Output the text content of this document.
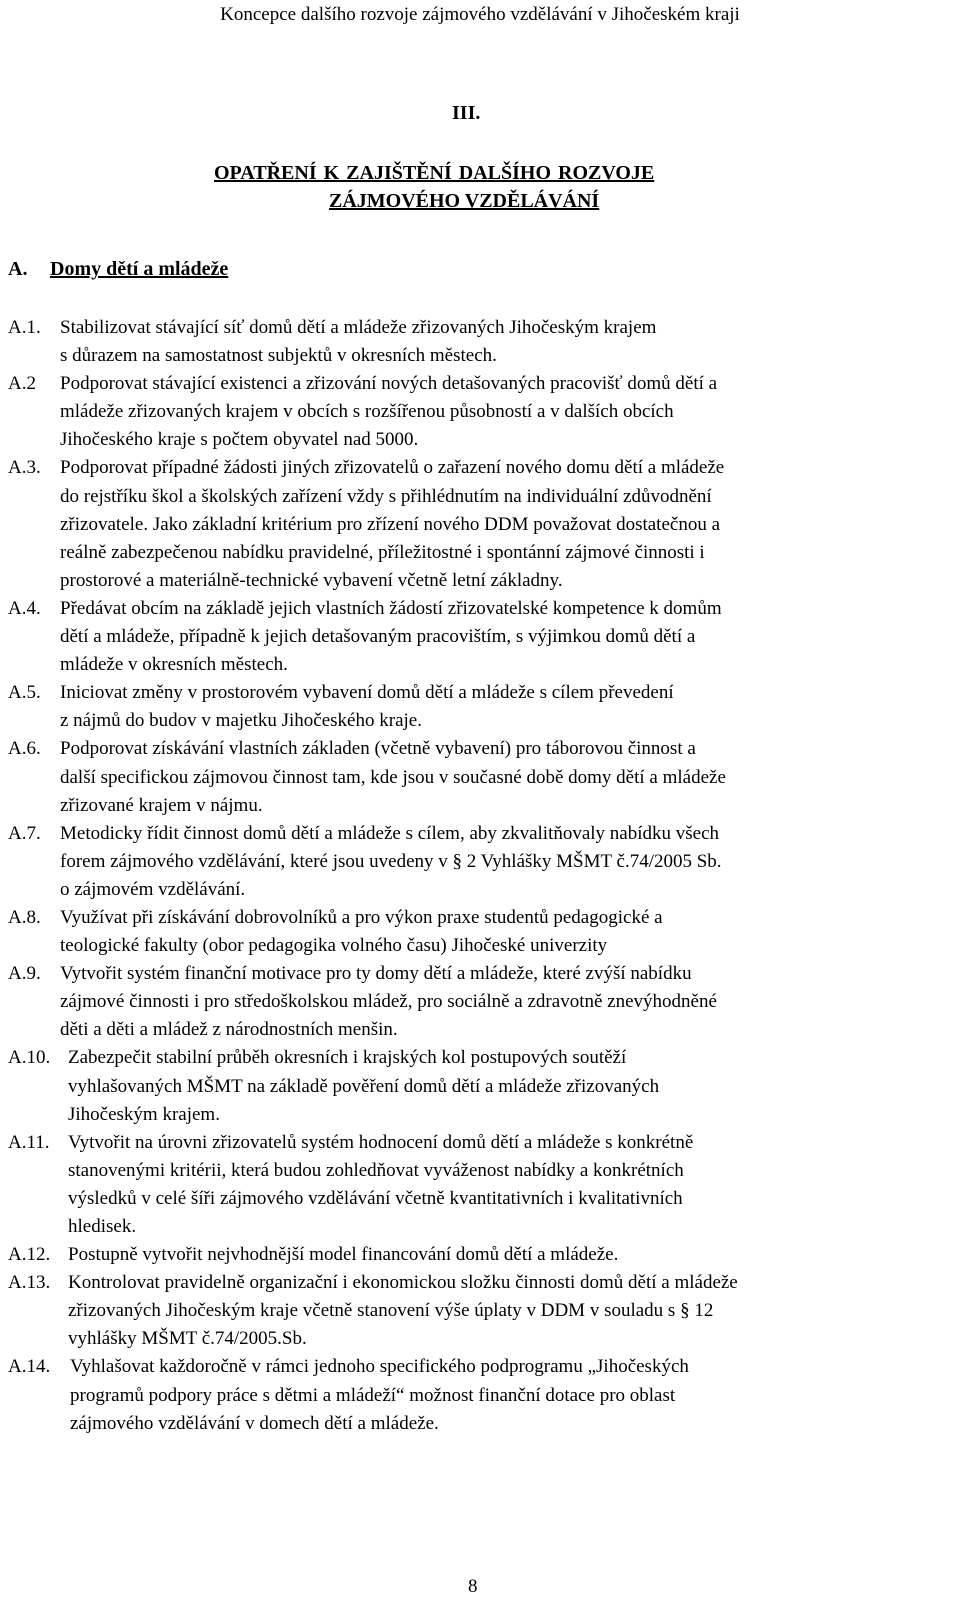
Koncepce dalšího rozvoje zájmového vzdělávání v Jihočeském kraji
III.
OPATŘENÍ K ZAJIŠTĚNÍ DALŠÍHO ROZVOJE
ZÁJMOVÉHO VZDĚLÁVÁNÍ
A. Domy dětí a mládeže
A.1.	Stabilizovat stávající síť domů dětí a mládeže zřizovaných Jihočeským krajem
s důrazem na samostatnost subjektů v okresních městech.
A.2	Podporovat stávající existenci a zřizování nových detašovaných pracovišť domů dětí a
mládeže zřizovaných krajem v obcích s rozšířenou působností a v dalších obcích
Jihočeského kraje s počtem obyvatel nad 5000.
A.3.	Podporovat případné žádosti jiných zřizovatelů o zařazení nového domu dětí a mládeže
do rejstříku škol a školských zařízení vždy s přihlédnutím na individuální zdůvodnění
zřizovatele. Jako základní kritérium pro zřízení nového DDM považovat dostatečnou a
reálně zabezpečenou nabídku pravidelné, příležitostné i spontánní zájmové činnosti i
prostorové a materiálně-technické vybavení včetně letní základny.
A.4.	Předávat obcím na základě jejich vlastních žádostí zřizovatelské kompetence k domům
dětí a mládeže, případně k jejich detašovaným pracovištím, s výjimkou domů dětí a
mládeže v okresních městech.
A.5.	Iniciovat změny v prostorovém vybavení domů dětí a mládeže s cílem převedení
z nájmů do budov v majetku Jihočeského kraje.
A.6.	Podporovat získávání vlastních základen (včetně vybavení) pro táborovou činnost a
další specifickou zájmovou činnost tam, kde jsou v současné době domy dětí a mládeže
zřizované krajem v nájmu.
A.7.	Metodicky řídit činnost domů dětí a mládeže s cílem, aby zkvalitňovaly nabídku všech
forem zájmového vzdělávání, které jsou uvedeny v § 2 Vyhlášky MŠMT č.74/2005 Sb.
o zájmovém vzdělávání.
A.8.	Využívat při získávání dobrovolníků a pro výkon praxe studentů pedagogické a
teologické fakulty (obor pedagogika volného času) Jihočeské univerzity
A.9.	Vytvořit systém finanční motivace pro ty domy dětí a mládeže, které zvýší nabídku
zájmové činnosti i pro středoškolskou mládež, pro sociálně a zdravotně znevýhodněné
děti a děti a mládež z národnostních menšin.
A.10. Zabezpečit stabilní průběh okresních i krajských kol postupových soutěží
vyhlašovaných MŠMT na základě pověření domů dětí a mládeže zřizovaných
Jihočeským krajem.
A.11. Vytvořit na úrovni zřizovatelů systém hodnocení domů dětí a mládeže s konkrétně
stanovenými kritérii, která budou zohledňovat vyváženost nabídky a konkrétních
výsledků v celé šíři zájmového vzdělávání včetně kvantitativních i kvalitativních
hledisek.
A.12. Postupně vytvořit nejvhodnější model financování domů dětí a mládeže.
A.13. Kontrolovat pravidelně organizační i ekonomickou složku činnosti domů dětí a mládeže
zřizovaných Jihočeským kraje včetně stanovení výše úplaty v DDM v souladu s § 12
vyhlášky MŠMT č.74/2005.Sb.
A.14.	Vyhlašovat každoročně v rámci jednoho specifického podprogramu „Jihočeských
programů podpory práce s dětmi a mládeží“ možnost finanční dotace pro oblast
zájmového vzdělávání v domech dětí a mládeže.
8
